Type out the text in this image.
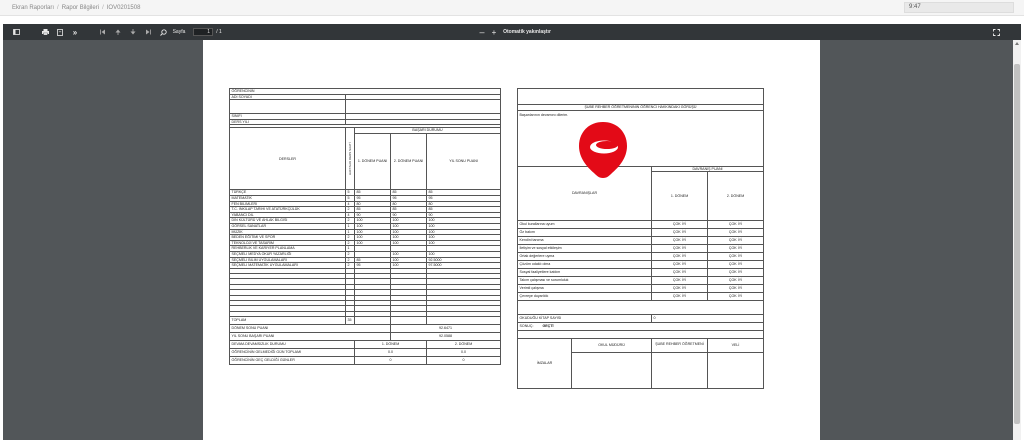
Ekran Raporları / Rapor Bilgileri / IOV0201508	9:47
»	Sayfa	1	/ 1	– +	Otomatik yakınlaştır
ÖĞRENCİNİN				
ADI SOYADI				

SINIFI				
DERS YILI				

DERSLER	HAFTALIK DERS SAATİ	BAŞARI DURUMU		
		1. DÖNEM PUANI	2. DÖNEM PUANI	YIL SONU PUANI
TÜRKÇE	5	85	85	85
MATEMATİK	5	95	95	95
FEN BİLİMLERİ	4	80	80	80
T.C. İNKILAP TARİHİ VE ATATÜRKÇÜLÜK	2	85	85	85
YABANCI DİL	4	90	90	90
DİN KÜLTÜRÜ VE AHLAK BİLGİSİ	2	100	100	100
GÖRSEL SANATLAR	1	100	100	100
MÜZİK	1	100	100	100
BEDEN EĞİTİMİ VE SPOR	2	100	100	100
TEKNOLOJİ VE TASARIM	2	100	100	100
REHBERLİK VE KARİYER PLANLAMA	1			
SEÇMELİ MEDYA OKUR YAZARLIĞI	2		100	100
SEÇMELİ BİLİM UYGULAMALARI	2	85	100	92.5000
SEÇMELİ MATEMATİK UYGULAMALARI	2	95	100	97.5000

TOPLAM	35			
DÖNEM SONU PUANI			92.6471	
YIL SONU BAŞARI PUANI			92.0588	
DEVAM-DEVAMSIZLIK DURUMU		1. DÖNEM		2. DÖNEM
ÖĞRENCİNİN GELMEDİĞİ GÜN TOPLAMI		0.0		0.0
ÖĞRENCİNİN GEÇ GELDİĞİ GÜNLER		0		0

ŞUBE REHBER ÖĞRETMENİNİN ÖĞRENCİ HAKKINDAKİ GÖRÜŞÜ			
Başarılarının devamını dilerim.			
DAVRANIŞLAR		DAVRANIŞ PUANI	
		1. DÖNEM	2. DÖNEM
Okul kurallarına uyum		ÇOK İYİ	ÇOK İYİ
Öz bakım		ÇOK İYİ	ÇOK İYİ
Kendini tanıma		ÇOK İYİ	ÇOK İYİ
İletişim ve sosyal etkileşim		ÇOK İYİ	ÇOK İYİ
Ortak değerlere uyma		ÇOK İYİ	ÇOK İYİ
Çözüm odaklı olma		ÇOK İYİ	ÇOK İYİ
Sosyal faaliyetlere katılım		ÇOK İYİ	ÇOK İYİ
Takım çalışması ve sorumluluk		ÇOK İYİ	ÇOK İYİ
Verimli çalışma		ÇOK İYİ	ÇOK İYİ
Çevreye duyarlılık		ÇOK İYİ	ÇOK İYİ

OKUDUĞU KİTAP SAYISI		0	
SONUÇ: GEÇTİ			

İMZALAR	OKUL MÜDÜRÜ	ŞUBE REHBER ÖĞRETMENİ	VELİ
